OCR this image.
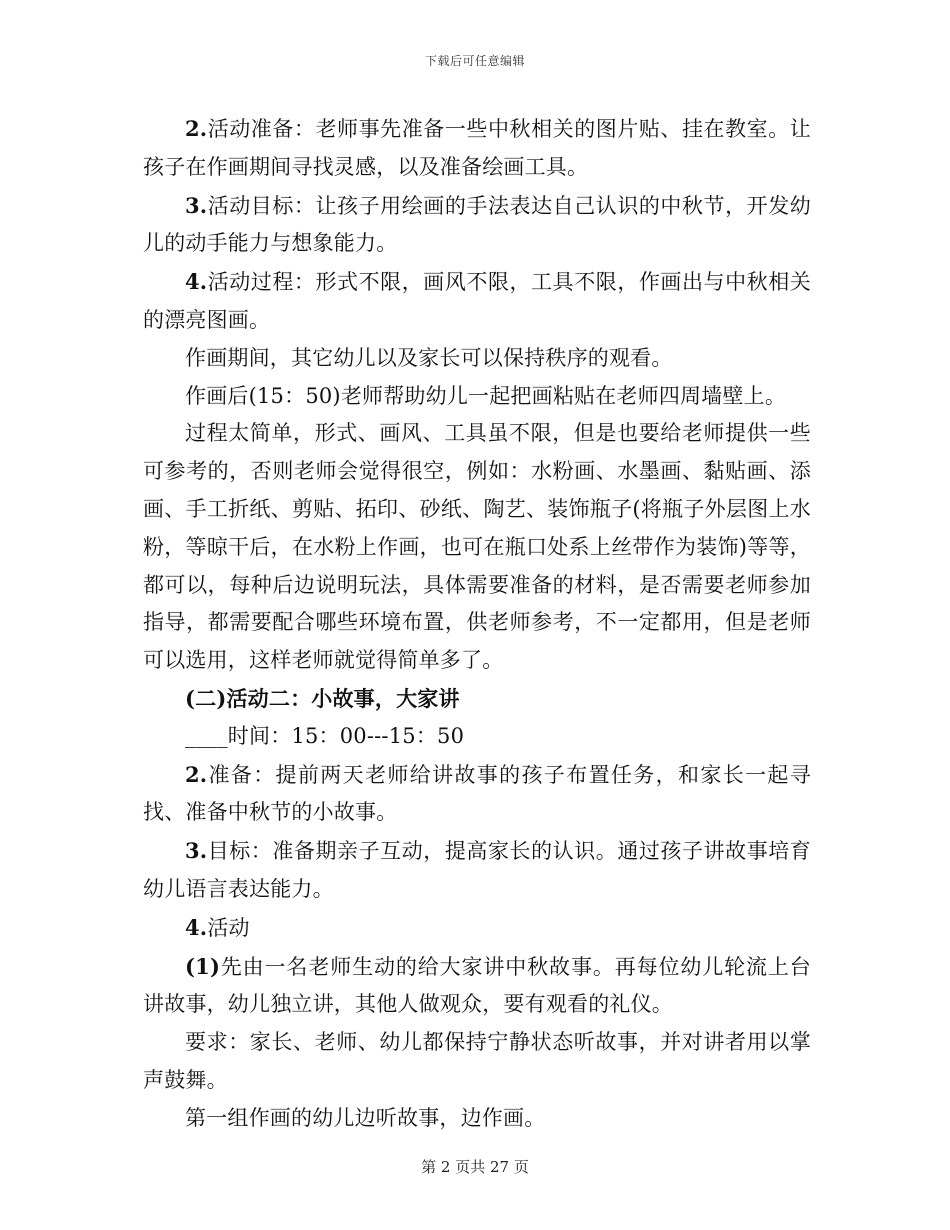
下载后可任意编辑

2.活动准备：老师事先准备一些中秋相关的图片贴、挂在教室。让孩子在作画期间寻找灵感，以及准备绘画工具。

3.活动目标：让孩子用绘画的手法表达自己认识的中秋节，开发幼儿的动手能力与想象能力。

4.活动过程：形式不限，画风不限，工具不限，作画出与中秋相关的漂亮图画。

作画期间，其它幼儿以及家长可以保持秩序的观看。

作画后(15：50)老师帮助幼儿一起把画粘贴在老师四周墙壁上。

过程太简单，形式、画风、工具虽不限，但是也要给老师提供一些可参考的，否则老师会觉得很空，例如：水粉画、水墨画、黏贴画、添画、手工折纸、剪贴、拓印、砂纸、陶艺、装饰瓶子(将瓶子外层图上水粉，等晾干后，在水粉上作画，也可在瓶口处系上丝带作为装饰)等等，都可以，每种后边说明玩法，具体需要准备的材料，是否需要老师参加指导，都需要配合哪些环境布置，供老师参考，不一定都用，但是老师可以选用，这样老师就觉得简单多了。

(二)活动二：小故事，大家讲

____时间：15：00---15：50

2.准备：提前两天老师给讲故事的孩子布置任务，和家长一起寻找、准备中秋节的小故事。

3.目标：准备期亲子互动，提高家长的认识。通过孩子讲故事培育幼儿语言表达能力。

4.活动

(1)先由一名老师生动的给大家讲中秋故事。再每位幼儿轮流上台讲故事，幼儿独立讲，其他人做观众，要有观看的礼仪。

要求：家长、老师、幼儿都保持宁静状态听故事，并对讲者用以掌声鼓舞。

第一组作画的幼儿边听故事，边作画。

第 2 页共 27 页
